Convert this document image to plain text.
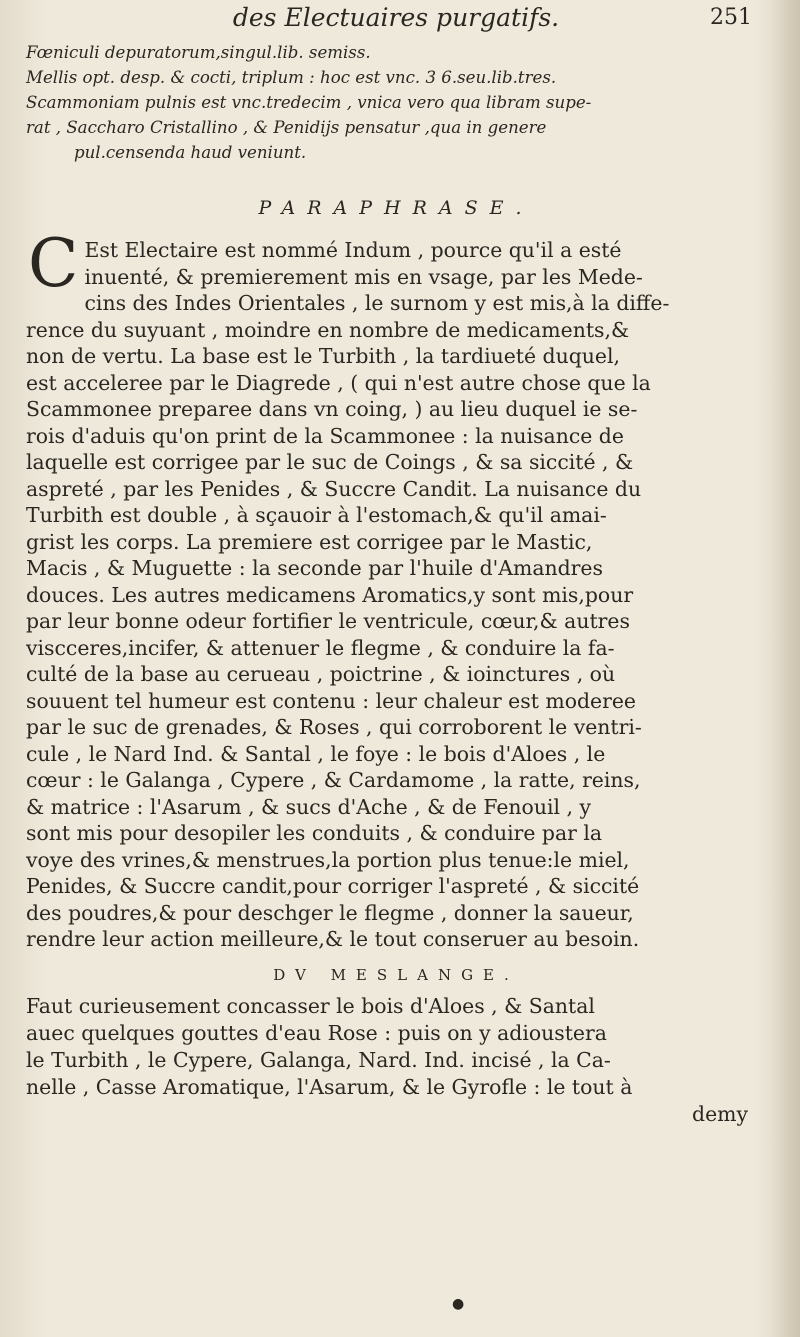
des Electuaires purgatifs.	251
Fœniculi depuratorum,singul.lib. semiss.
Mellis opt. desp. & cocti, triplum : hoc est vnc. 3 6.seu.lib.tres.
Scammoniam pulnis est vnc.tredecim , vnica vero qua libram supe-
rat , Saccharo Cristallino , & Penidijs pensatur ,qua in genere
pul.censenda haud veniunt.
PARAPHRASE.
C Est Electaire est nommé Indum , pource qu'il a esté
inuenté, & premierement mis en vsage, par les Mede-
cins des Indes Orientales , le surnom y est mis,à la diffe-
rence du suyuant , moindre en nombre de medicaments,&
non de vertu. La base est le Turbith , la tardiueté duquel,
est acceleree par le Diagrede , ( qui n'est autre chose que la
Scammonee preparee dans vn coing, ) au lieu duquel ie se-
rois d'aduis qu'on print de la Scammonee : la nuisance de
laquelle est corrigee par le suc de Coings , & sa siccité , &
aspreté , par les Penides , & Succre Candit. La nuisance du
Turbith est double , à sçauoir à l'estomach,& qu'il amai-
grist les corps. La premiere est corrigee par le Mastic,
Macis , & Muguette : la seconde par l'huile d'Amandres
douces. Les autres medicamens Aromatics,y sont mis,pour
par leur bonne odeur fortifier le ventricule, cœur,& autres
viscceres,incifer, & attenuer le flegme , & conduire la fa-
culté de la base au cerueau , poictrine , & ioinctures , où
souuent tel humeur est contenu : leur chaleur est moderee
par le suc de grenades, & Roses , qui corroborent le ventri-
cule , le Nard Ind. & Santal , le foye : le bois d'Aloes , le
cœur : le Galanga , Cypere , & Cardamome , la ratte, reins,
& matrice : l'Asarum , & sucs d'Ache , & de Fenouil , y
sont mis pour desopiler les conduits , & conduire par la
voye des vrines,& menstrues,la portion plus tenue:le miel,
Penides, & Succre candit,pour corriger l'aspreté , & siccité
des poudres,& pour deschger le flegme , donner la saueur,
rendre leur action meilleure,& le tout conseruer au besoin.
DV MESLANGE.
Faut curieusement concasser le bois d'Aloes , & Santal
auec quelques gouttes d'eau Rose : puis on y adioustera
le Turbith , le Cypere, Galanga, Nard. Ind. incisé , la Ca-
nelle , Casse Aromatique, l'Asarum, & le Gyrofle : le tout à
demy
●
